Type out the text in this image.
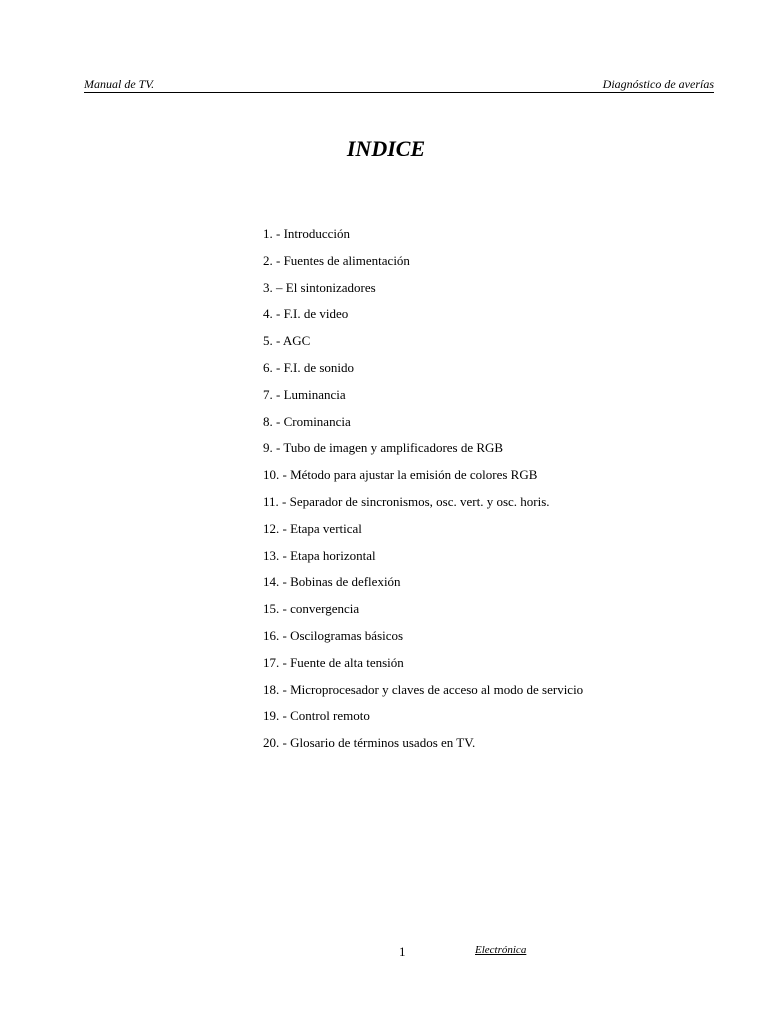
Manual de TV.	Diagnóstico de averías
INDICE
1. - Introducción
2. - Fuentes de alimentación
3. – El sintonizadores
4. - F.I. de video
5. - AGC
6. - F.I. de sonido
7. - Luminancia
8. - Crominancia
9. - Tubo de imagen y amplificadores de RGB
10. - Método para ajustar la emisión de colores RGB
11. - Separador de sincronismos, osc. vert. y osc. horis.
12. - Etapa vertical
13. - Etapa horizontal
14. - Bobinas de deflexión
15. - convergencia
16. - Oscilogramas básicos
17. - Fuente de alta tensión
18. - Microprocesador y claves de acceso al modo de servicio
19. - Control remoto
20. - Glosario de términos usados en TV.
1	Electrónica
